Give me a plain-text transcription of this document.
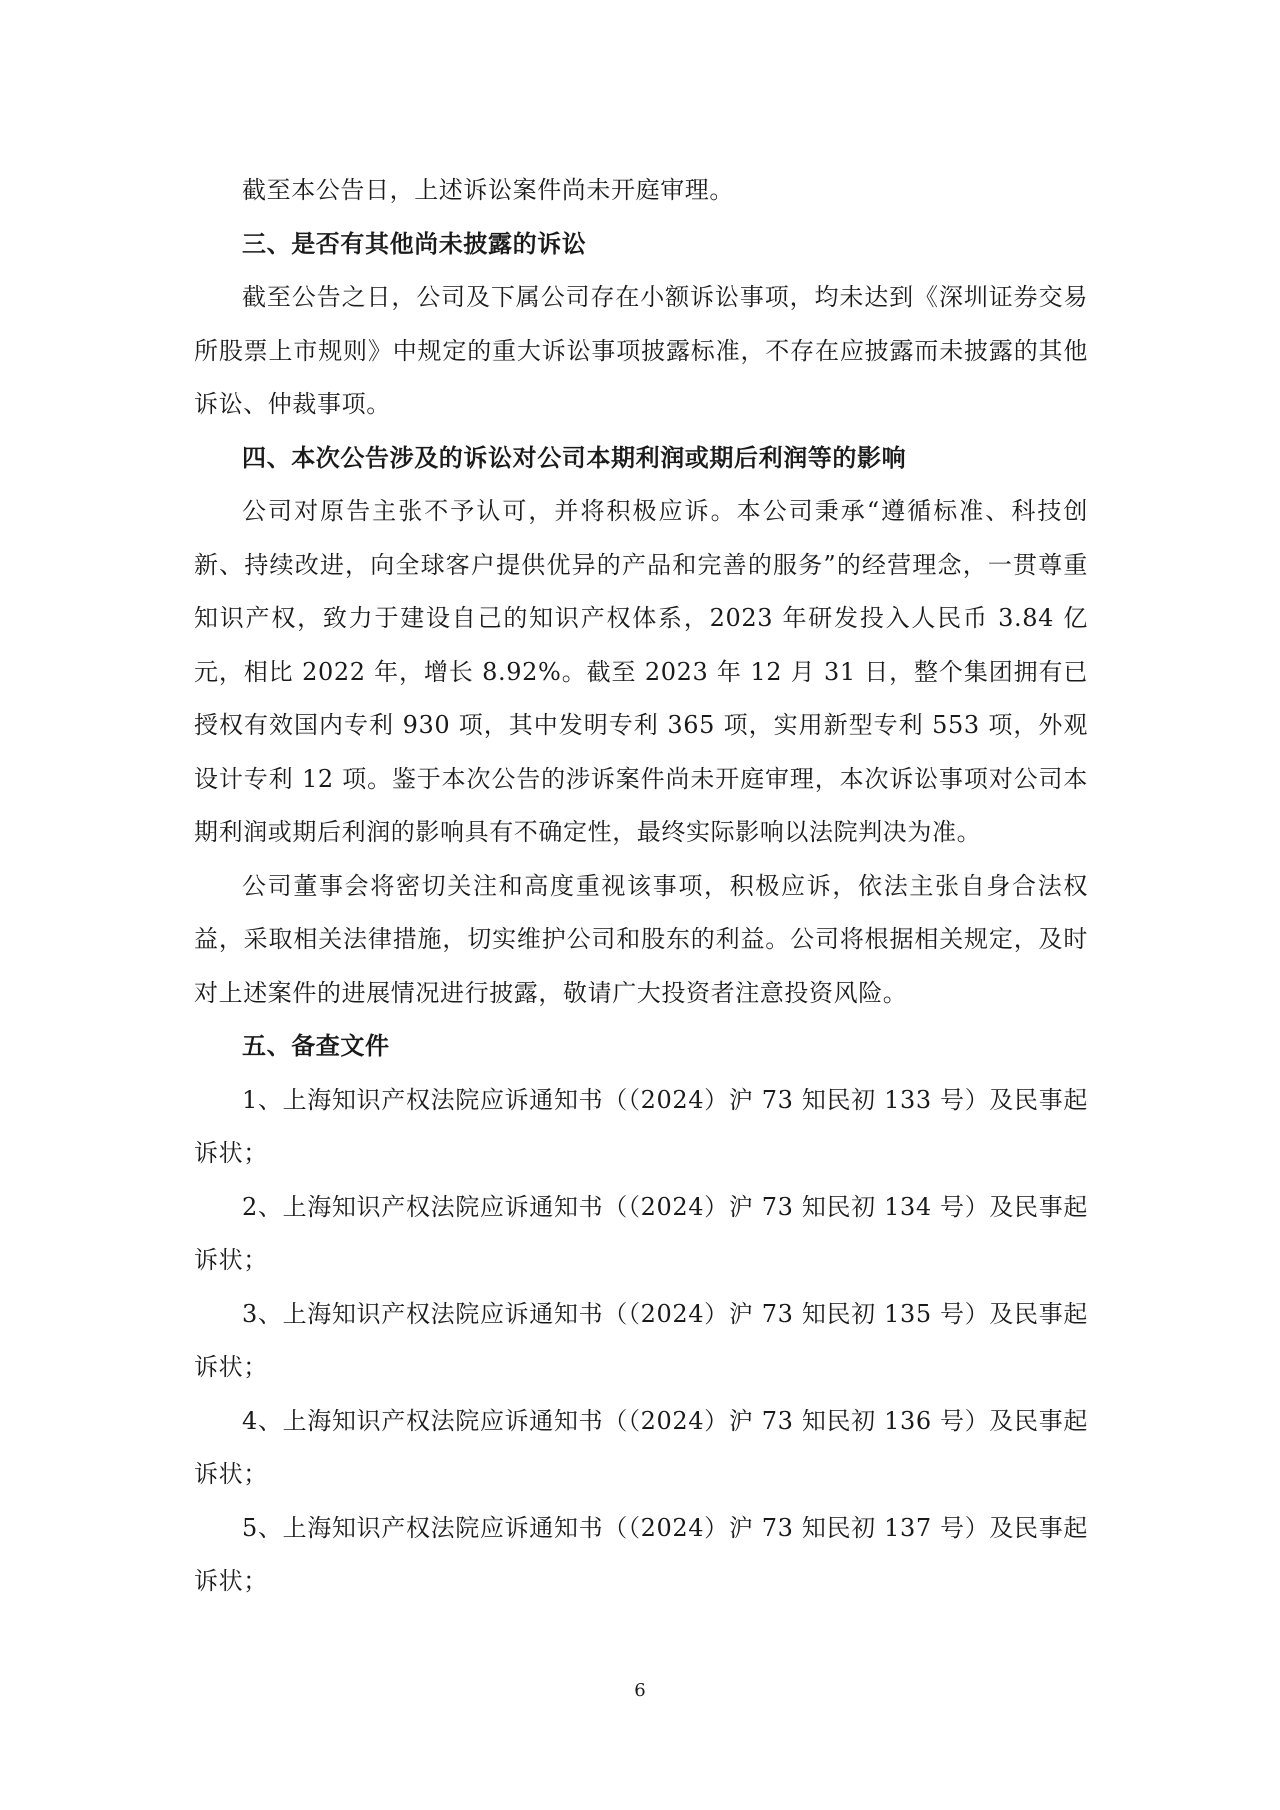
截至本公告日，上述诉讼案件尚未开庭审理。

三、是否有其他尚未披露的诉讼

截至公告之日，公司及下属公司存在小额诉讼事项，均未达到《深圳证券交易所股票上市规则》中规定的重大诉讼事项披露标准，不存在应披露而未披露的其他诉讼、仲裁事项。

四、本次公告涉及的诉讼对公司本期利润或期后利润等的影响

公司对原告主张不予认可，并将积极应诉。本公司秉承“遵循标准、科技创新、持续改进，向全球客户提供优异的产品和完善的服务”的经营理念，一贯尊重知识产权，致力于建设自己的知识产权体系，2023 年研发投入人民币 3.84 亿元，相比 2022 年，增长 8.92%。截至 2023 年 12 月 31 日，整个集团拥有已授权有效国内专利 930 项，其中发明专利 365 项，实用新型专利 553 项，外观设计专利 12 项。鉴于本次公告的涉诉案件尚未开庭审理，本次诉讼事项对公司本期利润或期后利润的影响具有不确定性，最终实际影响以法院判决为准。

公司董事会将密切关注和高度重视该事项，积极应诉，依法主张自身合法权益，采取相关法律措施，切实维护公司和股东的利益。公司将根据相关规定，及时对上述案件的进展情况进行披露，敬请广大投资者注意投资风险。

五、备查文件

1、上海知识产权法院应诉通知书（（2024）沪 73 知民初 133 号）及民事起诉状；

2、上海知识产权法院应诉通知书（（2024）沪 73 知民初 134 号）及民事起诉状；

3、上海知识产权法院应诉通知书（（2024）沪 73 知民初 135 号）及民事起诉状；

4、上海知识产权法院应诉通知书（（2024）沪 73 知民初 136 号）及民事起诉状；

5、上海知识产权法院应诉通知书（（2024）沪 73 知民初 137 号）及民事起诉状；

6
